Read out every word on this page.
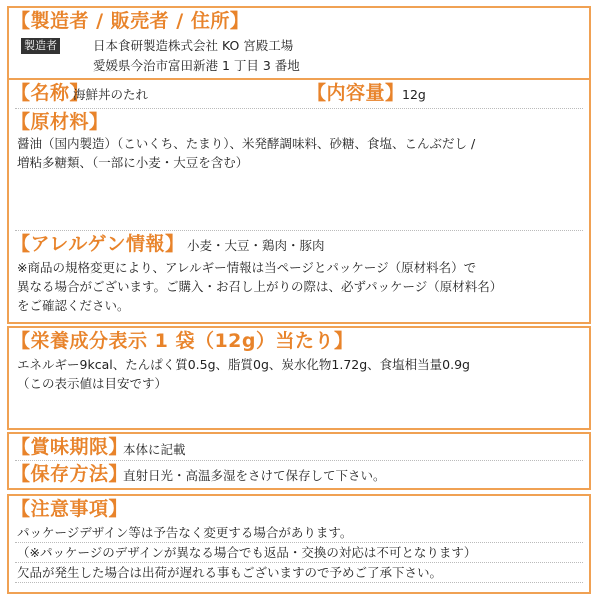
【製造者 / 販売者 / 住所】
製造者	日本食研製造株式会社 KO 宮殿工場
愛媛県今治市富田新港 1 丁目 3 番地
【名称】
海鮮丼のたれ	【内容量】
12g
【原材料】
醤油（国内製造）（こいくち、たまり）、米発酵調味料、砂糖、食塩、こんぶだし /
増粘多糖類、（一部に小麦・大豆を含む）
【アレルゲン情報】 小麦・大豆・鶏肉・豚肉
※商品の規格変更により、アレルギー情報は当ページとパッケージ（原材料名）で
異なる場合がございます。ご購入・お召し上がりの際は、必ずパッケージ（原材料名）
をご確認ください。
【栄養成分表示 1 袋（12g）当たり】
エネルギー9kcal、たんぱく質0.5g、脂質0g、炭水化物1.72g、食塩相当量0.9g
（この表示値は目安です）
【賞味期限】
本体に記載
【保存方法】
直射日光・高温多湿をさけて保存して下さい。
【注意事項】
パッケージデザイン等は予告なく変更する場合があります。
（※パッケージのデザインが異なる場合でも返品・交換の対応は不可となります）
欠品が発生した場合は出荷が遅れる事もございますので予めご了承下さい。
